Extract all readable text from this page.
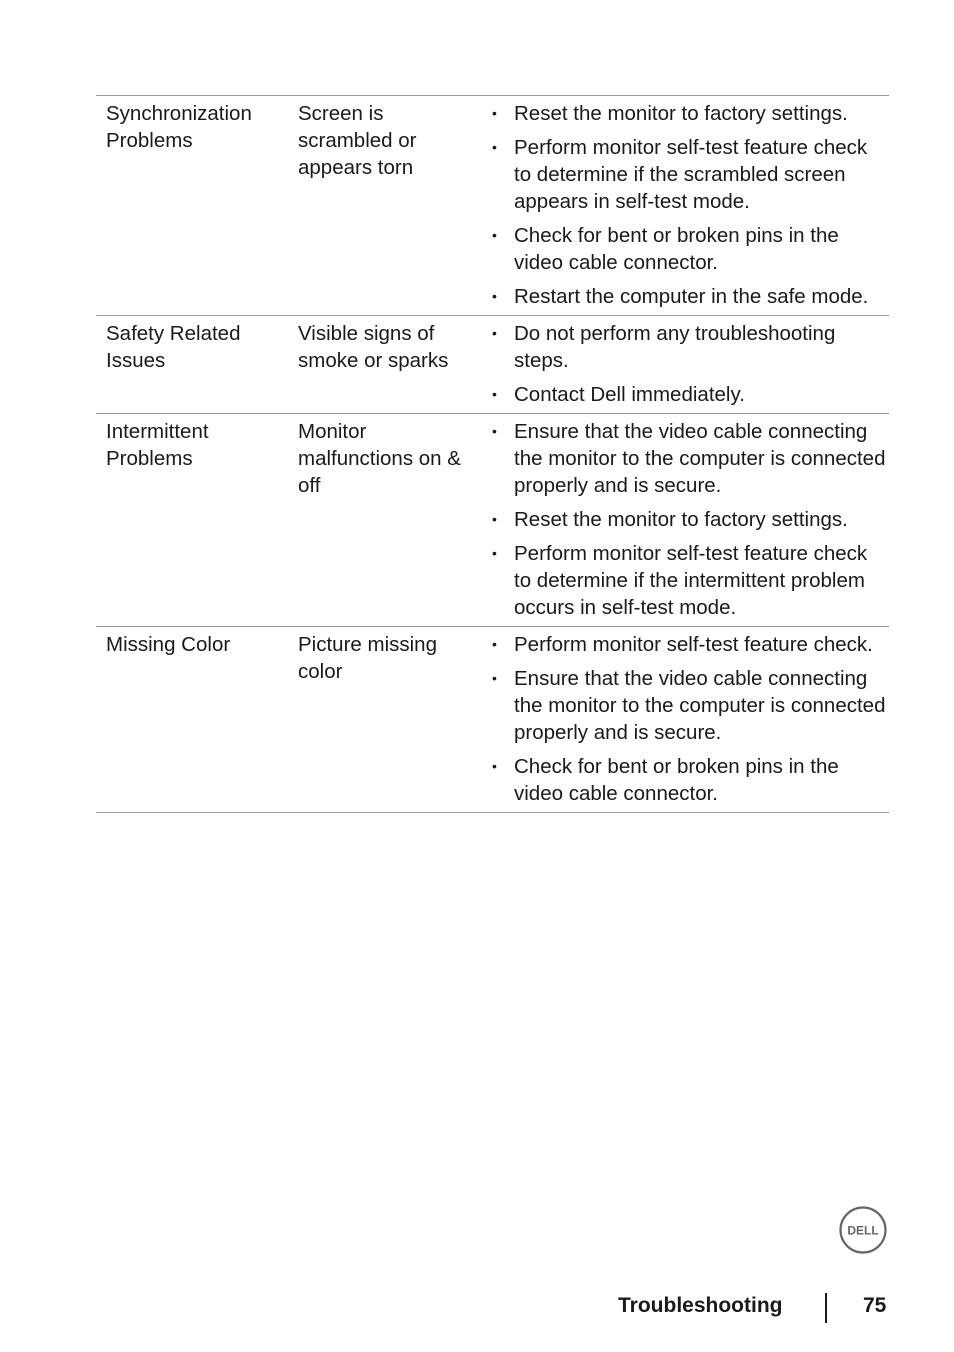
Synchronization Problems
Screen is scrambled or appears torn
• Reset the monitor to factory settings.
• Perform monitor self-test feature check to determine if the scrambled screen appears in self-test mode.
• Check for bent or broken pins in the video cable connector.
• Restart the computer in the safe mode.
Safety Related Issues
Visible signs of smoke or sparks
• Do not perform any troubleshooting steps.
• Contact Dell immediately.
Intermittent Problems
Monitor malfunctions on & off
• Ensure that the video cable connecting the monitor to the computer is connected properly and is secure.
• Reset the monitor to factory settings.
• Perform monitor self-test feature check to determine if the intermittent problem occurs in self-test mode.
Missing Color	Picture missing color
• Perform monitor self-test feature check.
• Ensure that the video cable connecting the monitor to the computer is connected properly and is secure.
• Check for bent or broken pins in the video cable connector.
DELL
Troubleshooting	75
